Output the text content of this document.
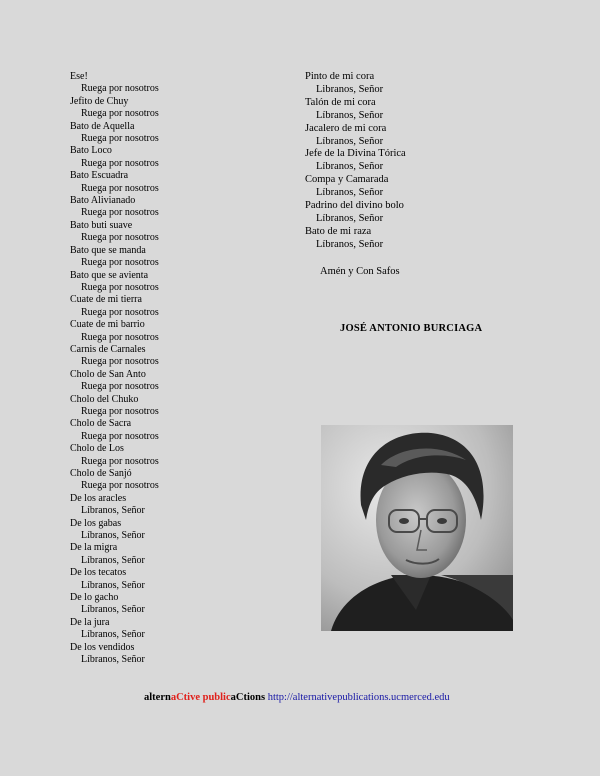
Ese!
Ruega por nosotros
Jefito de Chuy
Ruega por nosotros
Bato de Aquella
Ruega por nosotros
Bato Loco
Ruega por nosotros
Bato Escuadra
Ruega por nosotros
Bato Alivianado
Ruega por nosotros
Bato buti suave
Ruega por nosotros
Bato que se manda
Ruega por nosotros
Bato que se avienta
Ruega por nosotros
Cuate de mi tierra
Ruega por nosotros
Cuate de mi barrio
Ruega por nosotros
Carnis de Carnales
Ruega por nosotros
Cholo de San Anto
Ruega por nosotros
Cholo del Chuko
Ruega por nosotros
Cholo de Sacra
Ruega por nosotros
Cholo de Los
Ruega por nosotros
Cholo de Sanjó
Ruega por nosotros
De los aracles
Líbranos, Señor
De los gabas
Líbranos, Señor
De la migra
Líbranos, Señor
De los tecatos
Líbranos, Señor
De lo gacho
Líbranos, Señor
De la jura
Líbranos, Señor
De los vendidos
Líbranos, Señor
Pinto de mi cora
Libranos, Señor
Talón de mi cora
Líbranos, Señor
Jacalero de mi cora
Líbranos, Señor
Jefe de la Divina Tórica
Líbranos, Señor
Compa y Camarada
Líbranos, Señor
Padrino del divino bolo
Líbranos, Señor
Bato de mi raza
Líbranos, Señor
Amén y Con Safos
JOSÉ ANTONIO BURCIAGA
alternaCtive publicaCtions http://alternativepublications.ucmerced.edu
